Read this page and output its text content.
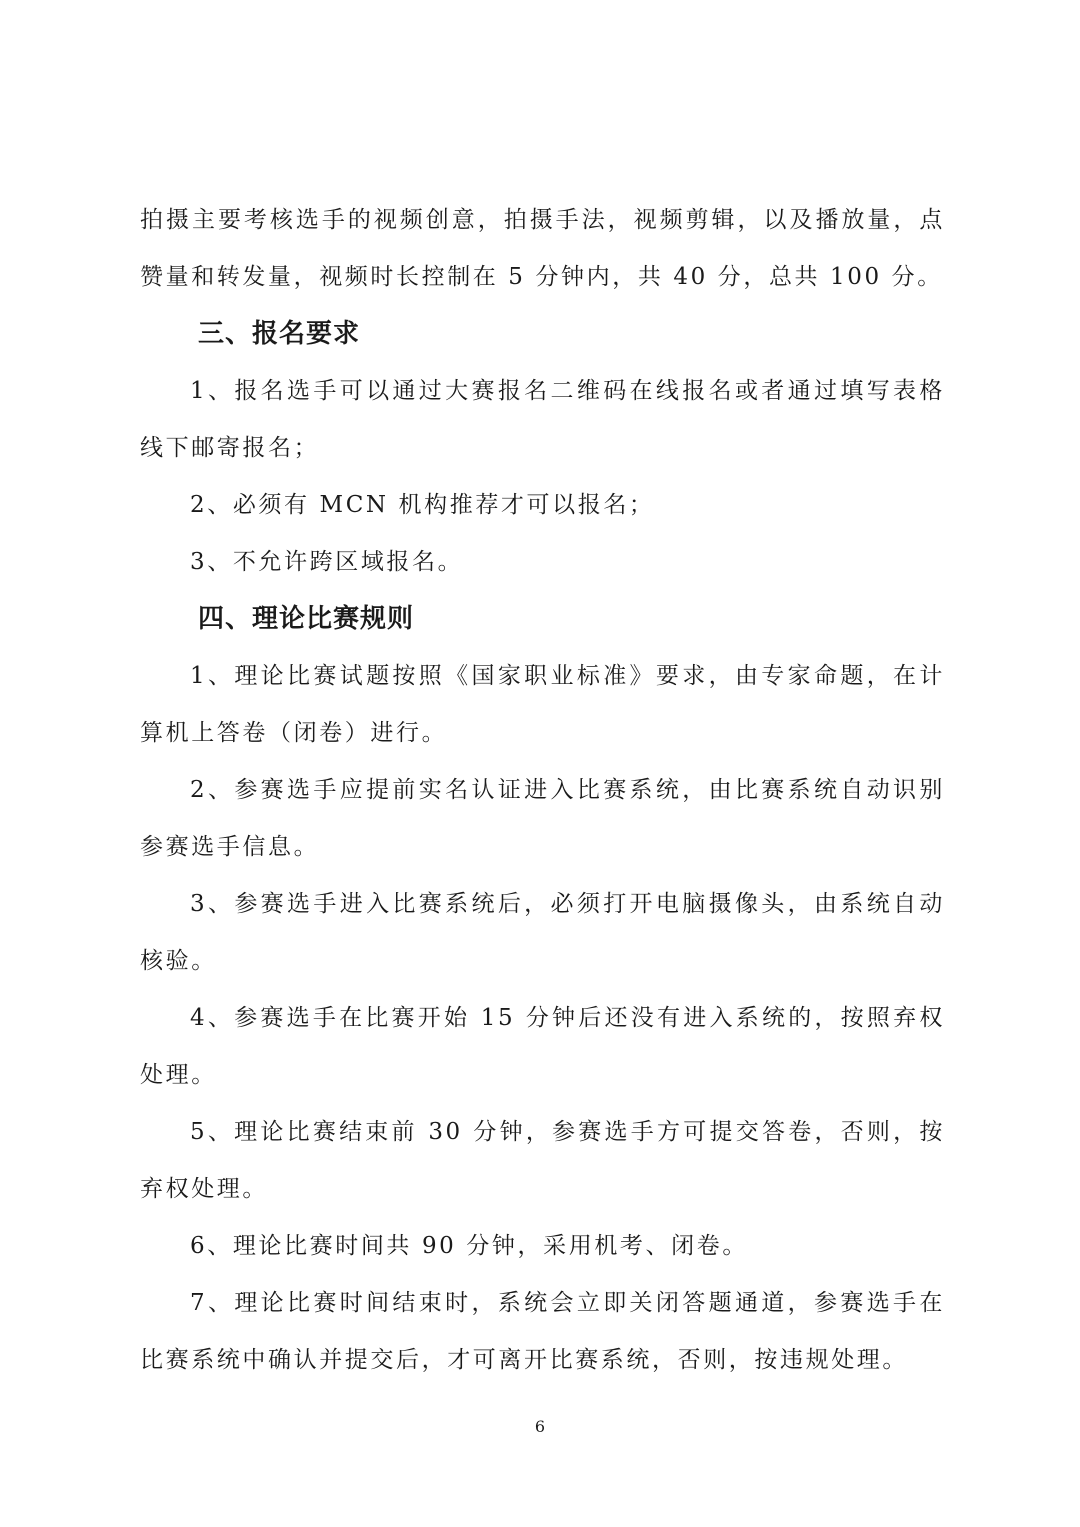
拍摄主要考核选手的视频创意，拍摄手法，视频剪辑，以及播放量，点赞量和转发量，视频时长控制在 5 分钟内，共 40 分，总共 100 分。

三、报名要求

1、报名选手可以通过大赛报名二维码在线报名或者通过填写表格线下邮寄报名；

2、必须有 MCN 机构推荐才可以报名；

3、不允许跨区域报名。

四、理论比赛规则

1、理论比赛试题按照《国家职业标准》要求，由专家命题，在计算机上答卷（闭卷）进行。

2、参赛选手应提前实名认证进入比赛系统，由比赛系统自动识别参赛选手信息。

3、参赛选手进入比赛系统后，必须打开电脑摄像头，由系统自动核验。

4、参赛选手在比赛开始 15 分钟后还没有进入系统的，按照弃权处理。

5、理论比赛结束前 30 分钟，参赛选手方可提交答卷，否则，按弃权处理。

6、理论比赛时间共 90 分钟，采用机考、闭卷。

7、理论比赛时间结束时，系统会立即关闭答题通道，参赛选手在比赛系统中确认并提交后，才可离开比赛系统，否则，按违规处理。

6
